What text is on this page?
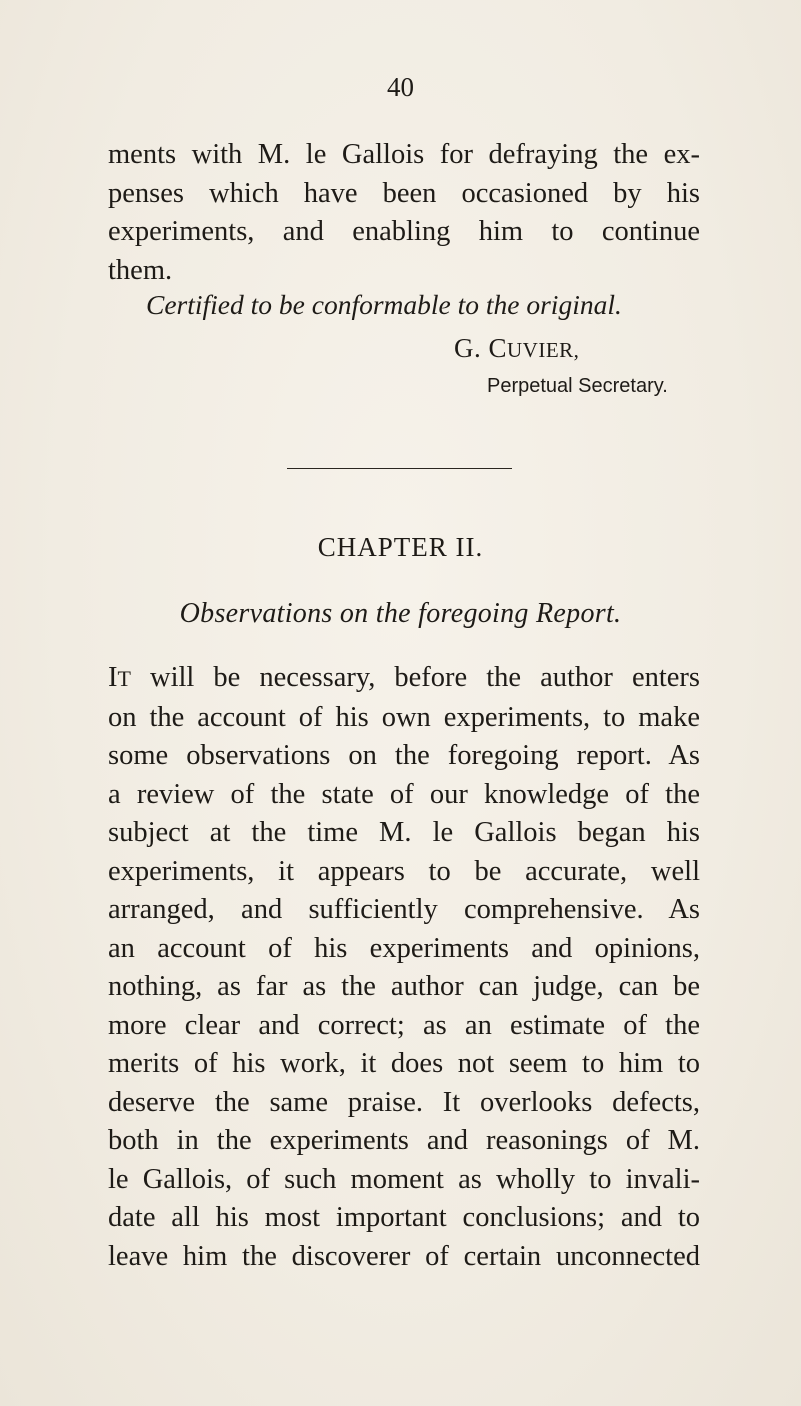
40
ments with M. le Gallois for defraying the ex-
penses which have been occasioned by his
experiments, and enabling him to continue
them.
Certified to be conformable to the original.
G. CUVIER,
Perpetual Secretary.
CHAPTER II.
Observations on the foregoing Report.
IT will be necessary, before the author enters
on the account of his own experiments, to make
some observations on the foregoing report. As
a review of the state of our knowledge of the
subject at the time M. le Gallois began his
experiments, it appears to be accurate, well
arranged, and sufficiently comprehensive. As
an account of his experiments and opinions,
nothing, as far as the author can judge, can be
more clear and correct; as an estimate of the
merits of his work, it does not seem to him to
deserve the same praise. It overlooks defects,
both in the experiments and reasonings of M.
le Gallois, of such moment as wholly to invali-
date all his most important conclusions; and to
leave him the discoverer of certain unconnected
